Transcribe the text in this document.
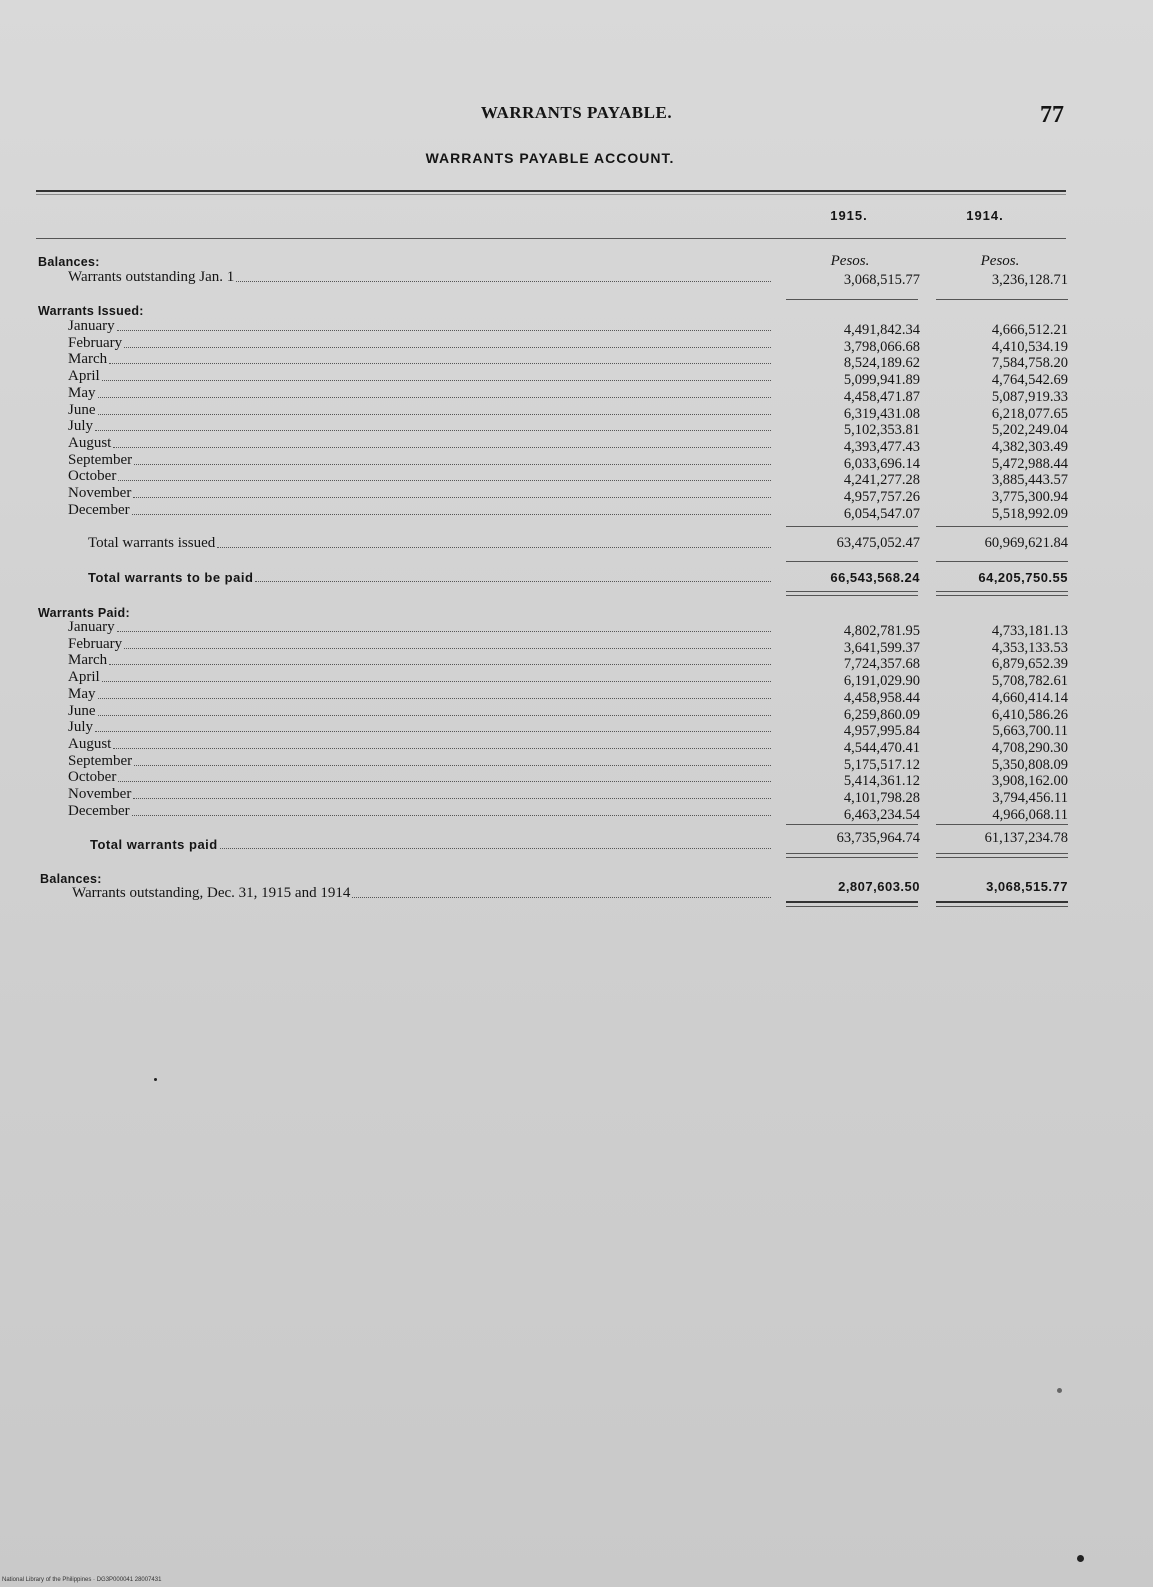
WARRANTS PAYABLE.	77
WARRANTS PAYABLE ACCOUNT.
1915.	1914.
Pesos.	Pesos.
Balances:
Warrants outstanding Jan. 1	3,068,515.77	3,236,128.71
Warrants Issued:
January	4,491,842.34	4,666,512.21
February	3,798,066.68	4,410,534.19
March	8,524,189.62	7,584,758.20
April	5,099,941.89	4,764,542.69
May	4,458,471.87	5,087,919.33
June	6,319,431.08	6,218,077.65
July	5,102,353.81	5,202,249.04
August	4,393,477.43	4,382,303.49
September	6,033,696.14	5,472,988.44
October	4,241,277.28	3,885,443.57
November	4,957,757.26	3,775,300.94
December	6,054,547.07	5,518,992.09
Total warrants issued	63,475,052.47	60,969,621.84
Total warrants to be paid	66,543,568.24	64,205,750.55
Warrants Paid:
January	4,802,781.95	4,733,181.13
February	3,641,599.37	4,353,133.53
March	7,724,357.68	6,879,652.39
April	6,191,029.90	5,708,782.61
May	4,458,958.44	4,660,414.14
June	6,259,860.09	6,410,586.26
July	4,957,995.84	5,663,700.11
August	4,544,470.41	4,708,290.30
September	5,175,517.12	5,350,808.09
October	5,414,361.12	3,908,162.00
November	4,101,798.28	3,794,456.11
December	6,463,234.54	4,966,068.11
Total warrants paid	63,735,964.74	61,137,234.78
Balances:
Warrants outstanding, Dec. 31, 1915 and 1914	2,807,603.50	3,068,515.77
National Library of the Philippines · DG3P000041 28007431
